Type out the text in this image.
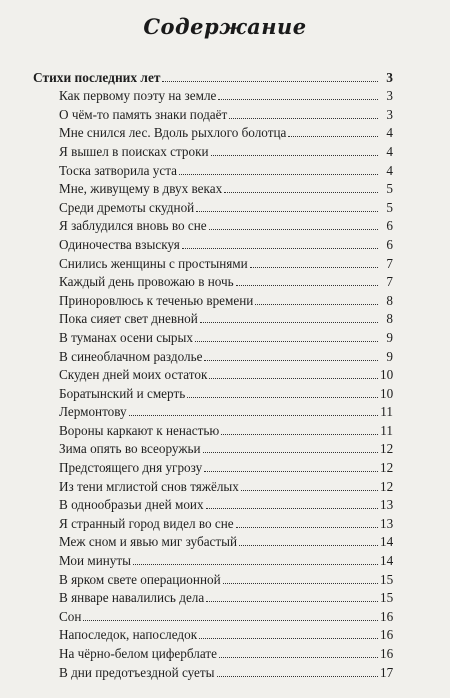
Содержание
Стихи последних лет	3
Как первому поэту на земле	3
О чём-то память знаки подаёт	3
Мне снился лес. Вдоль рыхлого болотца	4
Я вышел в поисках строки	4
Тоска затворила уста	4
Мне, живущему в двух веках	5
Среди дремоты скудной	5
Я заблудился вновь во сне	6
Одиночества взыскуя	6
Снились женщины с простынями	7
Каждый день провожаю в ночь	7
Приноровлюсь к теченью времени	8
Пока сияет свет дневной	8
В туманах осени сырых	9
В синеоблачном раздолье	9
Скуден дней моих остаток	10
Боратынский и смерть	10
Лермонтову	11
Вороны каркают к ненастью	11
Зима опять во всеоружьи	12
Предстоящего дня угрозу	12
Из тени мглистой снов тяжёлых	12
В однообразьи дней моих	13
Я странный город видел во сне	13
Меж сном и явью миг зубастый	14
Мои минуты	14
В ярком свете операционной	15
В январе навалились дела	15
Сон	16
Напоследок, напоследок	16
На чёрно-белом циферблате	16
В дни предотъездной суеты	17
